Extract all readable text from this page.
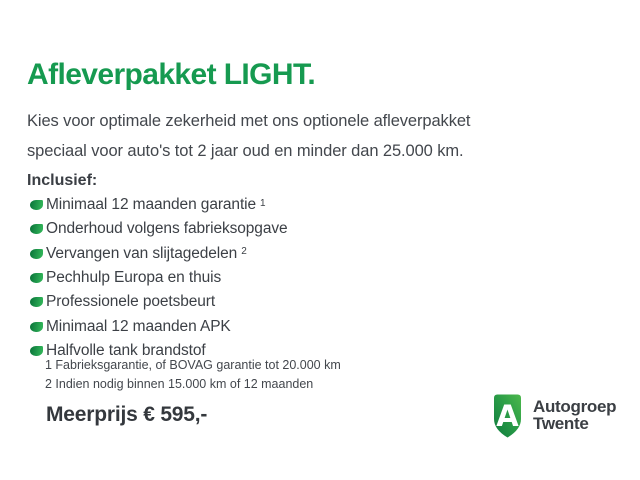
Afleverpakket LIGHT.
Kies voor optimale zekerheid met ons optionele afleverpakket
speciaal voor auto's tot 2 jaar oud en minder dan 25.000 km.
Inclusief:
Minimaal 12 maanden garantie $^1$
Onderhoud volgens fabrieksopgave
Vervangen van slijtagedelen $^2$
Pechhulp Europa en thuis
Professionele poetsbeurt
Minimaal 12 maanden APK
Halfvolle tank brandstof
1 Fabrieksgarantie, of BOVAG garantie tot 20.000 km
2 Indien nodig binnen 15.000 km of 12 maanden
Meerprijs € 595,-	A Autogroep
Twente
